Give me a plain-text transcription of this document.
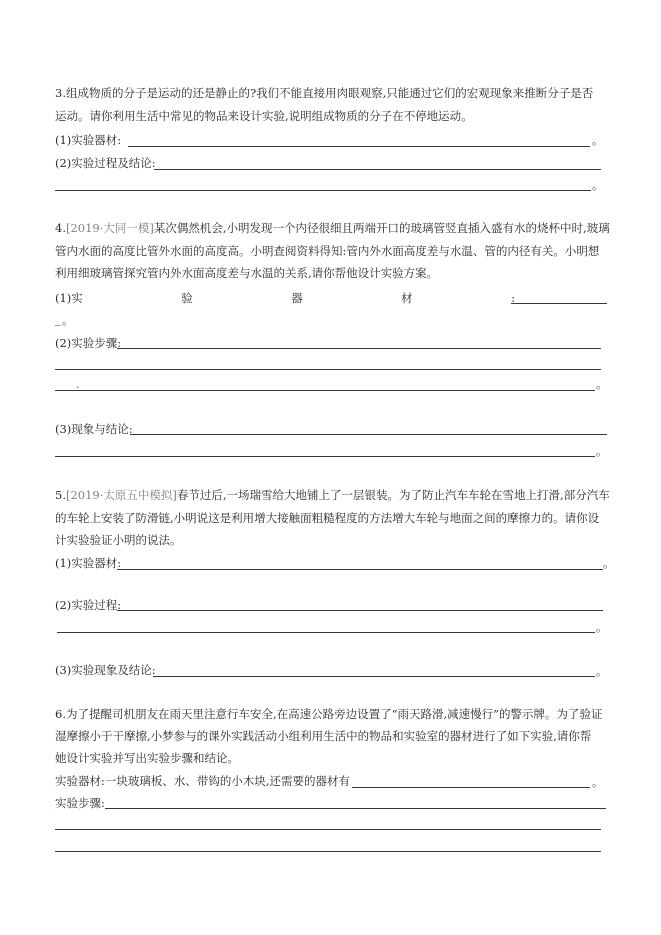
3.组成物质的分子是运动的还是静止的?我们不能直接用肉眼观察,只能通过它们的宏观现象来推断分子是否
运动。请你利用生活中常见的物品来设计实验,说明组成物质的分子在不停地运动。
(1)实验器材:	。
(2)实验过程及结论:
。
4.[2019·大同一模]某次偶然机会,小明发现一个内径很细且两端开口的玻璃管竖直插入盛有水的烧杯中时,玻璃
管内水面的高度比管外水面的高度高。小明查阅资料得知:管内外水面高度差与水温、管的内径有关。小明想
利用细玻璃管探究管内外水面高度差与水温的关系,请你帮他设计实验方案。
(1)实	验	器	材	:
_ 。
(2)实验步骤:
.	。
(3)现象与结论:
。
5.[2019·太原五中模拟]春节过后,一场瑞雪给大地铺上了一层银装。为了防止汽车车轮在雪地上打滑,部分汽车
的车轮上安装了防滑链,小明说这是利用增大接触面粗糙程度的方法增大车轮与地面之间的摩擦力的。请你设
计实验验证小明的说法。
(1)实验器材:	。
(2)实验过程:
。
(3)实验现象及结论:	。
6.为了提醒司机朋友在雨天里注意行车安全,在高速公路旁边设置了“雨天路滑,减速慢行”的警示牌。为了验证
湿摩擦小于干摩擦,小梦参与的课外实践活动小组利用生活中的物品和实验室的器材进行了如下实验,请你帮
她设计实验并写出实验步骤和结论。
实验器材:一块玻璃板、水、带钩的小木块,还需要的器材有	。
实验步骤:
